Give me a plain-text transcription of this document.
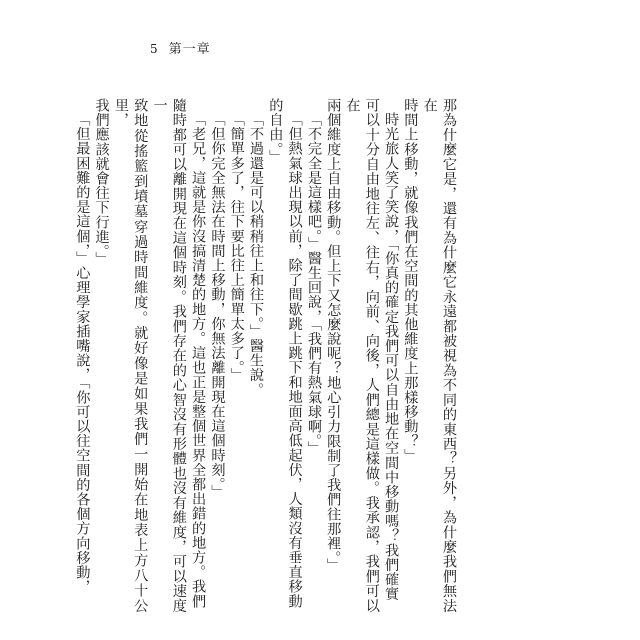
5 第一章

那為什麼它是，還有為什麼它永遠都被視為不同的東西？另外，為什麼我們無法在

時間上移動，就像我們在空間的其他維度上那樣移動？」

時光旅人笑了笑說，「你真的確定我們可以自由地在空間中移動嗎？我們確實

可以十分自由地往左、往右，向前、向後，人們總是這樣做。我承認，我們可以在

兩個維度上自由移動。但上下又怎麼說呢？地心引力限制了我們往那裡。」

「不完全是這樣吧。」醫生回說，「我們有熱氣球啊。」

「但熱氣球出現以前，除了間歇跳上跳下和地面高低起伏，人類沒有垂直移動

的自由。」

「不過還是可以稍稍往上和往下。」醫生說。

「簡單多了，往下要比往上簡單太多了。」

「但你完全無法在時間上移動，你無法離開現在這個時刻。」

「老兄，這就是你沒搞清楚的地方。這也正是整個世界全都出錯的地方。我們

隨時都可以離開現在這個時刻。我們存在的心智沒有形體也沒有維度，可以速度一

致地從搖籃到墳墓穿過時間維度。就好像是如果我們一開始在地表上方八十公里，

我們應該就會往下行進。」

「但最困難的是這個，」心理學家插嘴說，「你可以往空間的各個方向移動，
